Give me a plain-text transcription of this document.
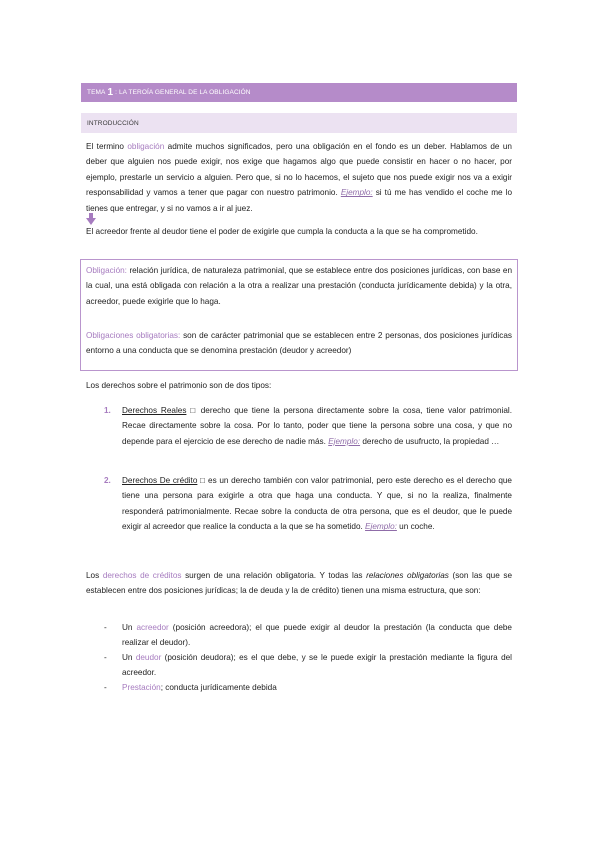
TEMA 1 : LA TEROÍA GENERAL DE LA OBLIGACIÓN
INTRODUCCIÓN
El termino obligación admite muchos significados, pero una obligación en el fondo es un deber. Hablamos de un deber que alguien nos puede exigir, nos exige que hagamos algo que puede consistir en hacer o no hacer, por ejemplo, prestarle un servicio a alguien. Pero que, si no lo hacemos, el sujeto que nos puede exigir nos va a exigir responsabilidad y vamos a tener que pagar con nuestro patrimonio. Ejemplo: si tú me has vendido el coche me lo tienes que entregar, y si no vamos a ir al juez.
El acreedor frente al deudor tiene el poder de exigirle que cumpla la conducta a la que se ha comprometido.
Obligación: relación jurídica, de naturaleza patrimonial, que se establece entre dos posiciones jurídicas, con base en la cual, una está obligada con relación a la otra a realizar una prestación (conducta jurídicamente debida) y la otra, acreedor, puede exigirle que lo haga.
Obligaciones obligatorias: son de carácter patrimonial que se establecen entre 2 personas, dos posiciones jurídicas entorno a una conducta que se denomina prestación (deudor y acreedor)
Los derechos sobre el patrimonio son de dos tipos:
1. Derechos Reales □ derecho que tiene la persona directamente sobre la cosa, tiene valor patrimonial. Recae directamente sobre la cosa. Por lo tanto, poder que tiene la persona sobre una cosa, y que no depende para el ejercicio de ese derecho de nadie más. Ejemplo: derecho de usufructo, la propiedad …
2. Derechos De crédito □ es un derecho también con valor patrimonial, pero este derecho es el derecho que tiene una persona para exigirle a otra que haga una conducta. Y que, si no la realiza, finalmente responderá patrimonialmente. Recae sobre la conducta de otra persona, que es el deudor, que le puede exigir al acreedor que realice la conducta a la que se ha sometido. Ejemplo: un coche.
Los derechos de créditos surgen de una relación obligatoria. Y todas las relaciones obligatorias (son las que se establecen entre dos posiciones jurídicas; la de deuda y la de crédito) tienen una misma estructura, que son:
- Un acreedor (posición acreedora); el que puede exigir al deudor la prestación (la conducta que debe realizar el deudor).
- Un deudor (posición deudora); es el que debe, y se le puede exigir la prestación mediante la figura del acreedor.
- Prestación; conducta jurídicamente debida
